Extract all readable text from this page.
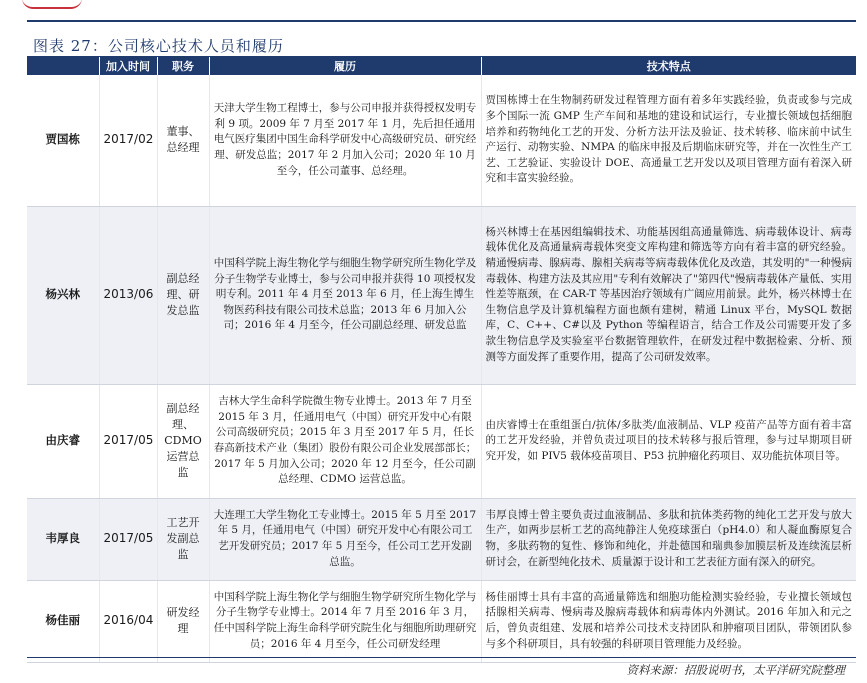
图表 27：公司核心技术人员和履历
	加入时间	职务	履历	技术特点
贾国栋	2017/02	董事、总经理	天津大学生物工程博士，参与公司申报并获得授权发明专利 9 项。2009 年 7 月至 2017 年 1 月，先后担任通用电气医疗集团中国生命科学研发中心高级研究员、研究经理、研发总监；2017 年 2 月加入公司；2020 年 10 月至今，任公司董事、总经理。	贾国栋博士在生物制药研发过程管理方面有着多年实践经验，负责或参与完成多个国际一流 GMP 生产车间和基地的建设和试运行，专业擅长领域包括细胞培养和药物纯化工艺的开发、分析方法开法及验证、技术转移、临床前中试生产运行、动物实验、NMPA 的临床申报及后期临床研究等，并在一次性生产工艺、工艺验证、实验设计 DOE、高通量工艺开发以及项目管理方面有着深入研究和丰富实验经验。
杨兴林	2013/06	副总经理、研发总监	中国科学院上海生物化学与细胞生物学研究所生物化学及分子生物学专业博士，参与公司申报并获得 10 项授权发明专利。2011 年 4 月至 2013 年 6 月，任上海生博生物医药科技有限公司技术总监；2013 年 6 月加入公司；2016 年 4 月至今，任公司副总经理、研发总监	杨兴林博士在基因组编辑技术、功能基因组高通量筛选、病毒载体设计、病毒载体优化及高通量病毒载体突变文库构建和筛选等方向有着丰富的研究经验。精通慢病毒、腺病毒、腺相关病毒等病毒载体优化及改造，其发明的"一种慢病毒载体、构建方法及其应用"专利有效解决了"第四代"慢病毒载体产量低、实用性差等瓶颈，在 CAR-T 等基因治疗领域有广阔应用前景。此外，杨兴林博士在生物信息学及计算机编程方面也颇有建树，精通 Linux 平台，MySQL 数据库，C、C++、C#以及 Python 等编程语言，结合工作及公司需要开发了多款生物信息学及实验室平台数据管理软件，在研发过程中数据检索、分析、预测等方面发挥了重要作用，提高了公司研发效率。
由庆睿	2017/05	副总经理、CDMO 运营总监	吉林大学生命科学院微生物专业博士。2013 年 7 月至 2015 年 3 月，任通用电气（中国）研究开发中心有限公司高级研究员；2015 年 3 月至 2017 年 5 月，任长春高新技术产业（集团）股份有限公司企业发展部部长；2017 年 5 月加入公司；2020 年 12 月至今，任公司副总经理、CDMO 运营总监。	由庆睿博士在重组蛋白/抗体/多肽类/血液制品、VLP 疫苗产品等方面有着丰富的工艺开发经验，并曾负责过项目的技术转移与报后管理，参与过早期项目研究开发，如 PIV5 载体疫苗项目、P53 抗肿瘤化药项目、双功能抗体项目等。
韦厚良	2017/05	工艺开发副总监	大连理工大学生物化工专业博士。2015 年 5 月至 2017 年 5 月，任通用电气（中国）研究开发中心有限公司工艺开发研究员；2017 年 5 月至今，任公司工艺开发副总监。	韦厚良博士曾主要负责过血液制品、多肽和抗体类药物的纯化工艺开发与放大生产，如两步层析工艺的高纯静注人免疫球蛋白（pH4.0）和人凝血酶原复合物，多肽药物的复性、修饰和纯化，并赴德国和瑞典参加膜层析及连续流层析研讨会，在新型纯化技术、质量源于设计和工艺表征方面有深入的研究。
杨佳丽	2016/04	研发经理	中国科学院上海生物化学与细胞生物学研究所生物化学与分子生物学专业博士。2014 年 7 月至 2016 年 3 月，任中国科学院上海生命科学研究院生化与细胞所助理研究员；2016 年 4 月至今，任公司研发经理	杨佳丽博士具有丰富的高通量筛选和细胞功能检测实验经验，专业擅长领域包括腺相关病毒、慢病毒及腺病毒载体和病毒体内外测试。2016 年加入和元之后，曾负责组建、发展和培养公司技术支持团队和肿瘤项目团队，带领团队参与多个科研项目，具有较强的科研项目管理能力及经验。
资料来源：招股说明书，太平洋研究院整理
